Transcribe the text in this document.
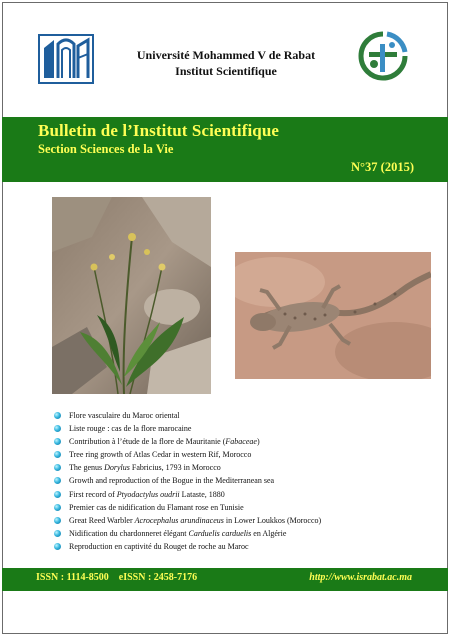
Université Mohammed V de Rabat
Institut Scientifique
Bulletin de l’Institut Scientifique
Section Sciences de la Vie
N°37 (2015)
Flore vasculaire du Maroc oriental
Liste rouge : cas de la flore marocaine
Contribution à l’étude de la flore de Mauritanie (Fabaceae)
Tree ring growth of Atlas Cedar in western Rif, Morocco
The genus Dorylus Fabricius, 1793 in Morocco
Growth and reproduction of the Bogue in the Mediterranean sea
First record of Ptyodactylus oudrii Lataste, 1880
Premier cas de nidification du Flamant rose en Tunisie
Great Reed Warbler Acrocephalus arundinaceus in Lower Loukkos (Morocco)
Nidification du chardonneret élégant Carduelis carduelis en Algérie
Reproduction en captivité du Rouget de roche au Maroc
ISSN : 1114-8500    eISSN : 2458-7176	http://www.israbat.ac.ma
